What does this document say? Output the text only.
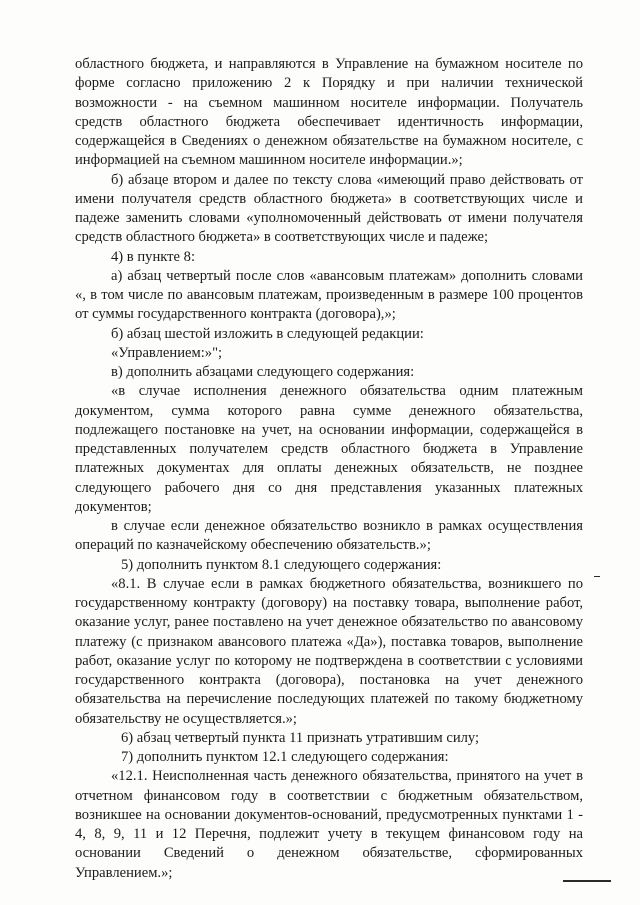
областного бюджета, и направляются в Управление на бумажном носителе по форме согласно приложению 2 к Порядку и при наличии технической возможности - на съемном машинном носителе информации. Получатель средств областного бюджета обеспечивает идентичность информации, содержащейся в Сведениях о денежном обязательстве на бумажном носителе, с информацией на съемном машинном носителе информации.»;

б) абзаце втором и далее по тексту слова «имеющий право действовать от имени получателя средств областного бюджета» в соответствующих числе и падеже заменить словами «уполномоченный действовать от имени получателя средств областного бюджета» в соответствующих числе и падеже;

4) в пункте 8:

а) абзац четвертый после слов «авансовым платежам» дополнить словами «, в том числе по авансовым платежам, произведенным в размере 100 процентов от суммы государственного контракта (договора),»;

б) абзац шестой изложить в следующей редакции:

«Управлением:»";

в) дополнить абзацами следующего содержания:

«в случае исполнения денежного обязательства одним платежным документом, сумма которого равна сумме денежного обязательства, подлежащего постановке на учет, на основании информации, содержащейся в представленных получателем средств областного бюджета в Управление платежных документах для оплаты денежных обязательств, не позднее следующего рабочего дня со дня представления указанных платежных документов;

в случае если денежное обязательство возникло в рамках осуществления операций по казначейскому обеспечению обязательств.»;

5) дополнить пунктом 8.1 следующего содержания:

«8.1. В случае если в рамках бюджетного обязательства, возникшего по государственному контракту (договору) на поставку товара, выполнение работ, оказание услуг, ранее поставлено на учет денежное обязательство по авансовому платежу (с признаком авансового платежа «Да»), поставка товаров, выполнение работ, оказание услуг по которому не подтверждена в соответствии с условиями государственного контракта (договора), постановка на учет денежного обязательства на перечисление последующих платежей по такому бюджетному обязательству не осуществляется.»;

6) абзац четвертый пункта 11 признать утратившим силу;

7) дополнить пунктом 12.1 следующего содержания:

«12.1. Неисполненная часть денежного обязательства, принятого на учет в отчетном финансовом году в соответствии с бюджетным обязательством, возникшее на основании документов-оснований, предусмотренных пунктами 1 - 4, 8, 9, 11 и 12 Перечня, подлежит учету в текущем финансовом году на основании Сведений о денежном обязательстве, сформированных Управлением.»;
